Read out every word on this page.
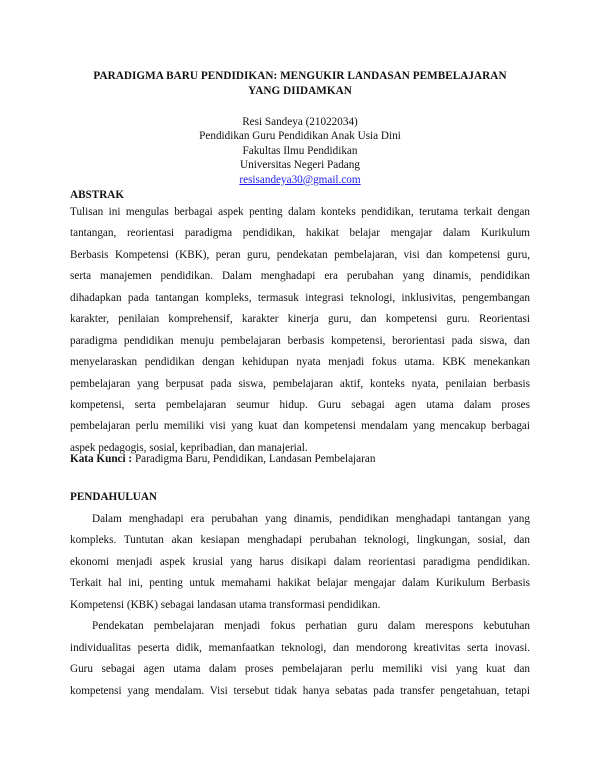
PARADIGMA BARU PENDIDIKAN: MENGUKIR LANDASAN PEMBELAJARAN
YANG DIIDAMKAN
Resi Sandeya (21022034)
Pendidikan Guru Pendidikan Anak Usia Dini
Fakultas Ilmu Pendidikan
Universitas Negeri Padang
resisandeya30@gmail.com
ABSTRAK
Tulisan ini mengulas berbagai aspek penting dalam konteks pendidikan, terutama terkait dengan
tantangan, reorientasi paradigma pendidikan, hakikat belajar mengajar dalam Kurikulum
Berbasis Kompetensi (KBK), peran guru, pendekatan pembelajaran, visi dan kompetensi guru,
serta manajemen pendidikan. Dalam menghadapi era perubahan yang dinamis, pendidikan
dihadapkan pada tantangan kompleks, termasuk integrasi teknologi, inklusivitas, pengembangan
karakter, penilaian komprehensif, karakter kinerja guru, dan kompetensi guru. Reorientasi
paradigma pendidikan menuju pembelajaran berbasis kompetensi, berorientasi pada siswa, dan
menyelaraskan pendidikan dengan kehidupan nyata menjadi fokus utama. KBK menekankan
pembelajaran yang berpusat pada siswa, pembelajaran aktif, konteks nyata, penilaian berbasis
kompetensi, serta pembelajaran seumur hidup. Guru sebagai agen utama dalam proses
pembelajaran perlu memiliki visi yang kuat dan kompetensi mendalam yang mencakup berbagai
aspek pedagogis, sosial, kepribadian, dan manajerial.
Kata Kunci : Paradigma Baru, Pendidikan, Landasan Pembelajaran
PENDAHULUAN
Dalam menghadapi era perubahan yang dinamis, pendidikan menghadapi tantangan yang
kompleks. Tuntutan akan kesiapan menghadapi perubahan teknologi, lingkungan, sosial, dan
ekonomi menjadi aspek krusial yang harus disikapi dalam reorientasi paradigma pendidikan.
Terkait hal ini, penting untuk memahami hakikat belajar mengajar dalam Kurikulum Berbasis
Kompetensi (KBK) sebagai landasan utama transformasi pendidikan.
Pendekatan pembelajaran menjadi fokus perhatian guru dalam merespons kebutuhan
individualitas peserta didik, memanfaatkan teknologi, dan mendorong kreativitas serta inovasi.
Guru sebagai agen utama dalam proses pembelajaran perlu memiliki visi yang kuat dan
kompetensi yang mendalam. Visi tersebut tidak hanya sebatas pada transfer pengetahuan, tetapi
